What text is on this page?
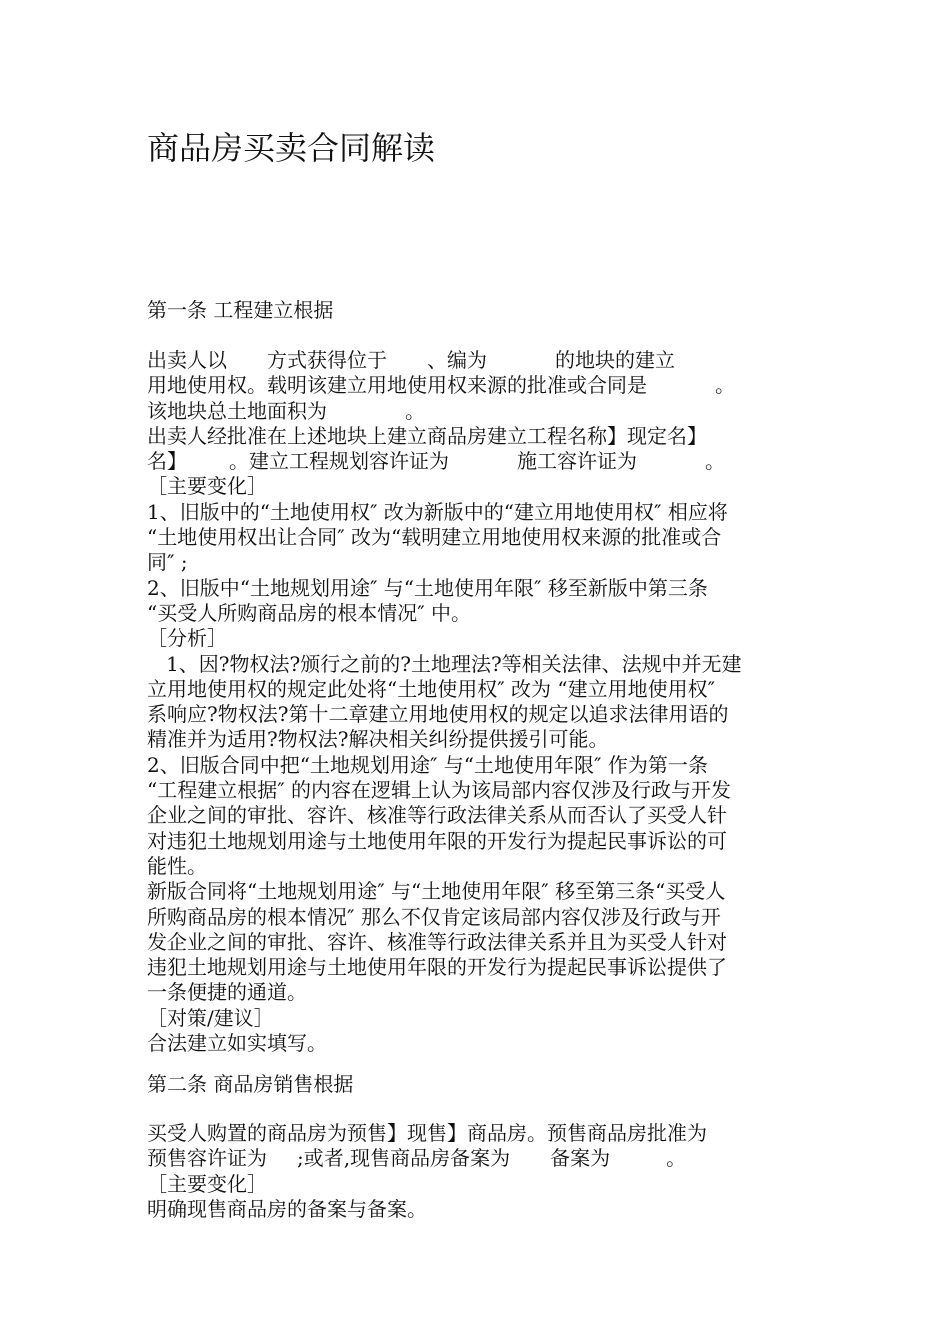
商品房买卖合同解读
第一条 工程建立根据
出卖人以 方式获得位于 、编为	的地块的建立
用地使用权。载明该建立用地使用权来源的批准或合同是	。
该地块总土地面积为	。
出卖人经批准在上述地块上建立商品房建立工程名称】现定名】
名】 。建立工程规划容许证为	施工容许证为	。
［主要变化］
1、旧版中的“土地使用权″ 改为新版中的“建立用地使用权″ 相应将
“土地使用权出让合同″ 改为“载明建立用地使用权来源的批准或合
同″ ;
2、旧版中“土地规划用途″ 与“土地使用年限″ 移至新版中第三条
“买受人所购商品房的根本情况″ 中。
［分析］
1、因?物权法?颁行之前的?土地理法?等相关法律、法规中并无建
立用地使用权的规定此处将“土地使用权″ 改为 “建立用地使用权″
系响应?物权法?第十二章建立用地使用权的规定以追求法律用语的
精准并为适用?物权法?解决相关纠纷提供援引可能。
2、旧版合同中把“土地规划用途″ 与“土地使用年限″ 作为第一条
“工程建立根据″ 的内容在逻辑上认为该局部内容仅涉及行政与开发
企业之间的审批、容许、核准等行政法律关系从而否认了买受人针
对违犯土地规划用途与土地使用年限的开发行为提起民事诉讼的可
能性。
新版合同将“土地规划用途″ 与“土地使用年限″ 移至第三条“买受人
所购商品房的根本情况″ 那么不仅肯定该局部内容仅涉及行政与开
发企业之间的审批、容许、核准等行政法律关系并且为买受人针对
违犯土地规划用途与土地使用年限的开发行为提起民事诉讼提供了
一条便捷的通道。
［对策/建议］
合法建立如实填写。
第二条 商品房销售根据
买受人购置的商品房为预售】现售】商品房。预售商品房批准为
预售容许证为 ;或者,现售商品房备案为 备案为	。
［主要变化］
明确现售商品房的备案与备案。
